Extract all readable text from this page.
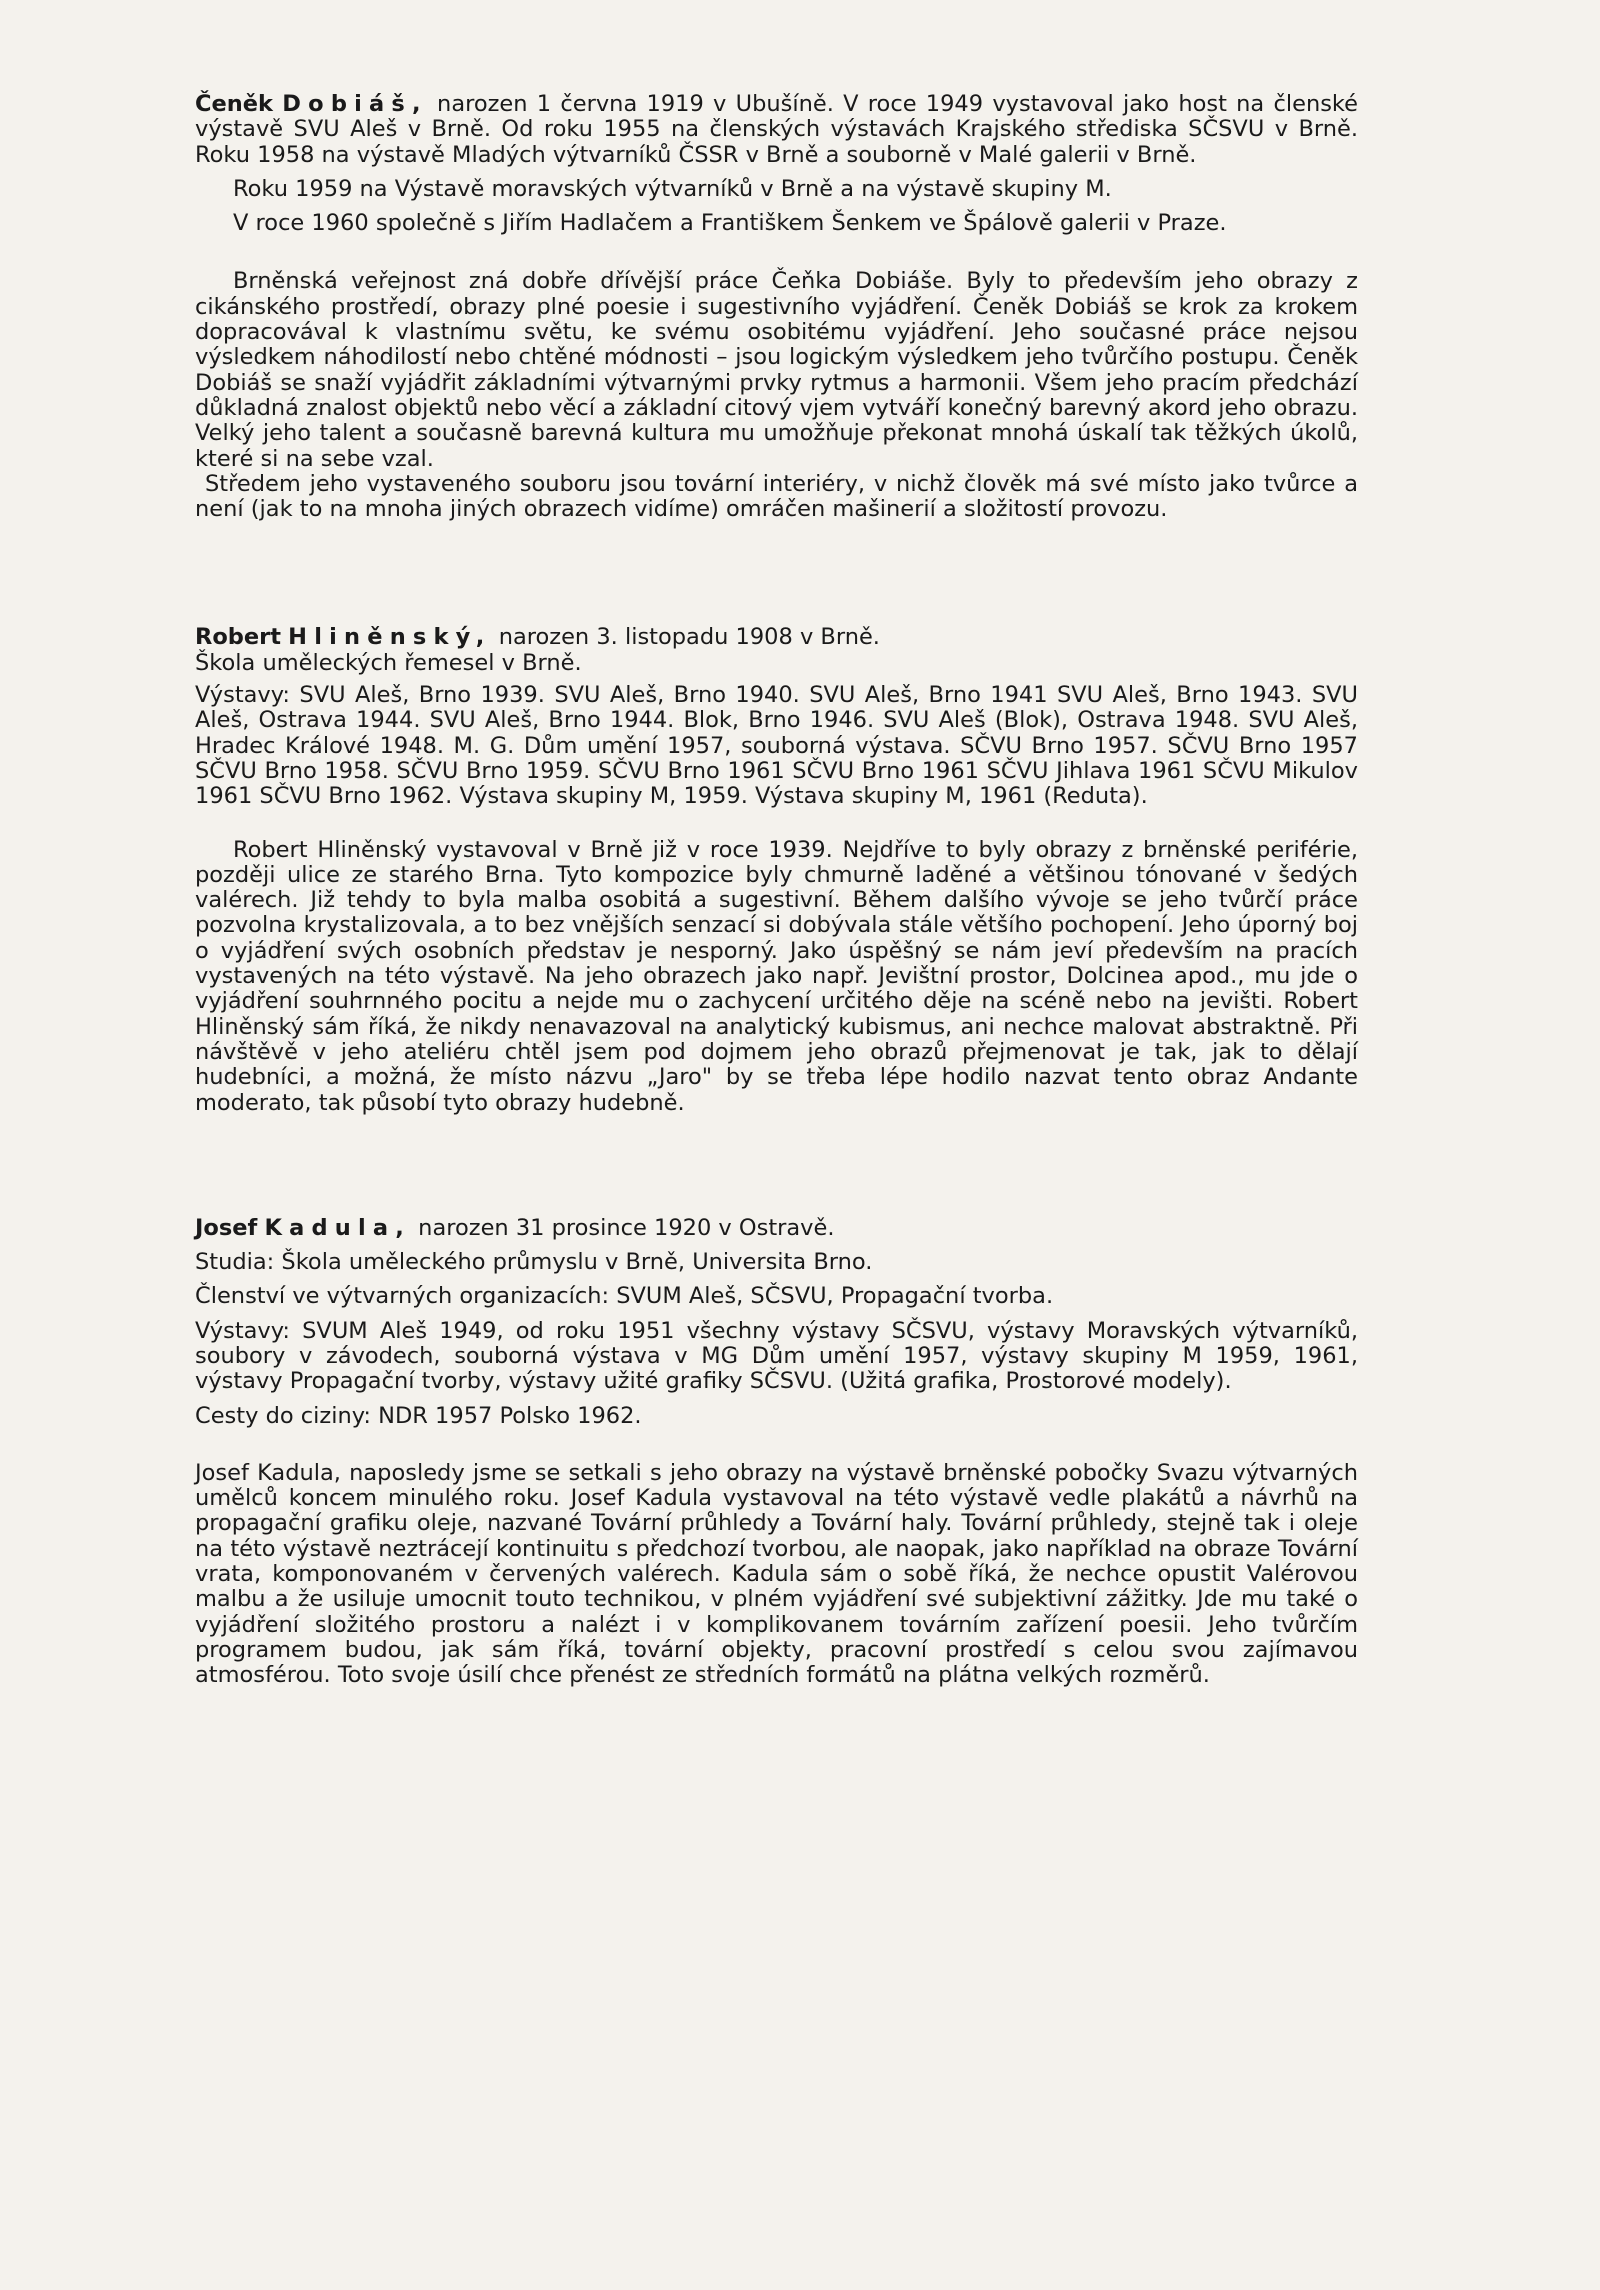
Čeněk Dobiáš, narozen 1 června 1919 v Ubušíně. V roce 1949 vystavoval jako host na členské výstavě SVU Aleš v Brně. Od roku 1955 na členských výstavách Krajského střediska SČSVU v Brně. Roku 1958 na výstavě Mladých výtvarníků ČSSR v Brně a souborně v Malé galerii v Brně.

Roku 1959 na Výstavě moravských výtvarníků v Brně a na výstavě skupiny M.

V roce 1960 společně s Jiřím Hadlačem a Františkem Šenkem ve Špálově galerii v Praze.

Brněnská veřejnost zná dobře dřívější práce Čeňka Dobiáše. Byly to především jeho obrazy z cikánského prostředí, obrazy plné poesie i sugestivního vyjádření. Čeněk Dobiáš se krok za krokem dopracovával k vlastnímu světu, ke svému osobitému vyjádření. Jeho současné práce nejsou výsledkem náhodilostí nebo chtěné módnosti – jsou logickým výsledkem jeho tvůrčího postupu. Čeněk Dobiáš se snaží vyjádřit základními výtvarnými prvky rytmus a harmonii. Všem jeho pracím předchází důkladná znalost objektů nebo věcí a základní citový vjem vytváří konečný barevný akord jeho obrazu. Velký jeho talent a současně barevná kultura mu umožňuje překonat mnohá úskalí tak těžkých úkolů, které si na sebe vzal.

Středem jeho vystaveného souboru jsou tovární interiéry, v nichž člověk má své místo jako tvůrce a není (jak to na mnoha jiných obrazech vidíme) omráčen mašinerií a složitostí provozu.

Robert Hliněnský, narozen 3. listopadu 1908 v Brně.

Škola uměleckých řemesel v Brně.

Výstavy: SVU Aleš, Brno 1939. SVU Aleš, Brno 1940. SVU Aleš, Brno 1941 SVU Aleš, Brno 1943. SVU Aleš, Ostrava 1944. SVU Aleš, Brno 1944. Blok, Brno 1946. SVU Aleš (Blok), Ostrava 1948. SVU Aleš, Hradec Králové 1948. M. G. Dům umění 1957, souborná výstava. SČVU Brno 1957. SČVU Brno 1957 SČVU Brno 1958. SČVU Brno 1959. SČVU Brno 1961 SČVU Brno 1961 SČVU Jihlava 1961 SČVU Mikulov 1961 SČVU Brno 1962. Výstava skupiny M, 1959. Výstava skupiny M, 1961 (Reduta).

Robert Hliněnský vystavoval v Brně již v roce 1939. Nejdříve to byly obrazy z brněnské periférie, později ulice ze starého Brna. Tyto kompozice byly chmurně laděné a většinou tónované v šedých valérech. Již tehdy to byla malba osobitá a sugestivní. Během dalšího vývoje se jeho tvůrčí práce pozvolna krystalizovala, a to bez vnějších senzací si dobývala stále většího pochopení. Jeho úporný boj o vyjádření svých osobních představ je nesporný. Jako úspěšný se nám jeví především na pracích vystavených na této výstavě. Na jeho obrazech jako např. Jevištní prostor, Dolcinea apod., mu jde o vyjádření souhrnného pocitu a nejde mu o zachycení určitého děje na scéně nebo na jevišti. Robert Hliněnský sám říká, že nikdy nenavazoval na analytický kubismus, ani nechce malovat abstraktně. Při návštěvě v jeho ateliéru chtěl jsem pod dojmem jeho obrazů přejmenovat je tak, jak to dělají hudebníci, a možná, že místo názvu „Jaro" by se třeba lépe hodilo nazvat tento obraz Andante moderato, tak působí tyto obrazy hudebně.

Josef Kadula, narozen 31 prosince 1920 v Ostravě.

Studia: Škola uměleckého průmyslu v Brně, Universita Brno.

Členství ve výtvarných organizacích: SVUM Aleš, SČSVU, Propagační tvorba.

Výstavy: SVUM Aleš 1949, od roku 1951 všechny výstavy SČSVU, výstavy Moravských výtvarníků, soubory v závodech, souborná výstava v MG Dům umění 1957, výstavy skupiny M 1959, 1961, výstavy Propagační tvorby, výstavy užité grafiky SČSVU. (Užitá grafika, Prostorové modely).

Cesty do ciziny: NDR 1957 Polsko 1962.

Josef Kadula, naposledy jsme se setkali s jeho obrazy na výstavě brněnské pobočky Svazu výtvarných umělců koncem minulého roku. Josef Kadula vystavoval na této výstavě vedle plakátů a návrhů na propagační grafiku oleje, nazvané Tovární průhledy a Tovární haly. Tovární průhledy, stejně tak i oleje na této výstavě neztrácejí kontinuitu s předchozí tvorbou, ale naopak, jako například na obraze Tovární vrata, komponovaném v červených valérech. Kadula sám o sobě říká, že nechce opustit Valérovou malbu a že usiluje umocnit touto technikou, v plném vyjádření své subjektivní zážitky. Jde mu také o vyjádření složitého prostoru a nalézt i v komplikovanem továrním zařízení poesii. Jeho tvůrčím programem budou, jak sám říká, tovární objekty, pracovní prostředí s celou svou zajímavou atmosférou. Toto svoje úsilí chce přenést ze středních formátů na plátna velkých rozměrů.
